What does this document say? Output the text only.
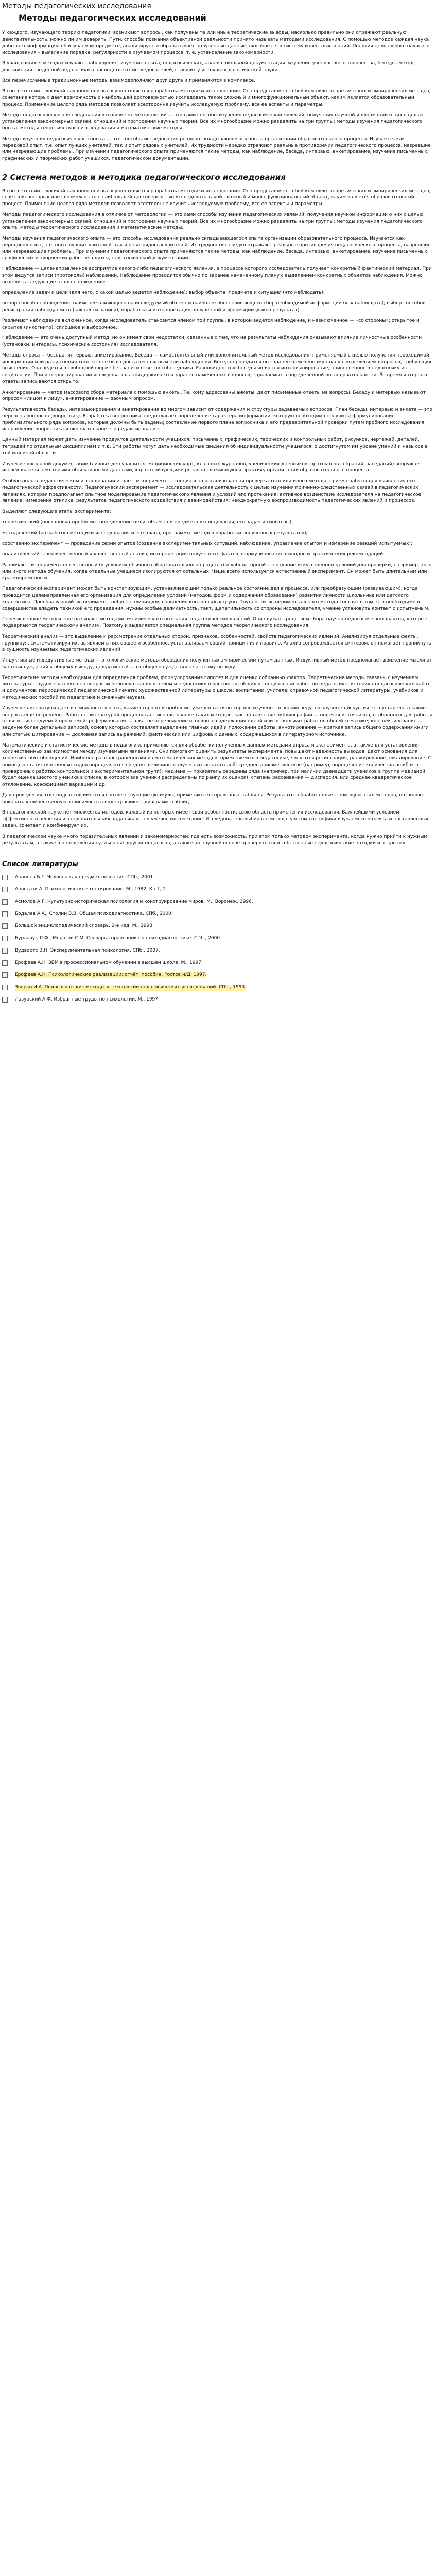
Методы педагогических исследования
Методы педагогических исследований

У каждого, изучающего теорию педагогики, возникают вопросы, как получены те или иные теоретические выводы, насколько правильно они отражают реальную действительность, можно ли им доверять. Пути, способы познания объективной реальности принято называть методами исследования. С помощью методов каждая наука добывает информацию об изучаемом предмете, анализирует и обрабатывает полученные данные, включается в систему известных знаний. Понятия цель любого научного исследования – выявление порядка, регулярности в изучаемом процессе, т. е. установление закономерности.

В учащающихся методах изучают наблюдение, изучение опыта, педагогических, анализ школьной документации, изучение ученического творчества, беседы, метод достижения сведенной педагогики в наследстве от исследователей, ставших у истоков педагогической науки.

Все перечисленные традиционные методы взаимодополняют друг друга и применяются в комплексе.

В соответствии с логикой научного поиска осуществляется разработка методики исследования. Она представляет собой комплекс теоретических и эмпирических методов, сочетание которых дает возможность с наибольшей достоверностью исследовать такой сложный и многофункциональный объект, каким является образовательный процесс. Применение целого ряда методов позволяет всесторонне изучить исследуемую проблему, все ее аспекты и параметры.

Методы педагогического исследования в отличие от методологии — это сами способы изучения педагогических явлений, получения научной информации о них с целью установления закономерных связей, отношений и построения научных теорий. Все их многообразие можно разделить на три группы: методы изучения педагогического опыта, методы теоретического исследования и математические методы.

Методы изучения педагогического опыта — это способы исследования реально складывающегося опыта организации образовательного процесса. Изучается как передовой опыт, т.е. опыт лучших учителей, так и опыт рядовых учителей. Их трудности нередко отражают реальные противоречия педагогического процесса, назревшие или назревающие проблемы. При изучении педагогического опыта применяются такие методы, как наблюдение, беседа, интервью, анкетирование, изучение письменных, графических и творческих работ учащихся, педагогической документации.

2 Система методов и методика педагогического исследования

В соответствии с логикой научного поиска осуществляется разработка методики исследования. Она представляет собой комплекс теоретических и эмпирических методов, сочетание которых дает возможность с наибольшей достоверностью исследовать такой сложный и многофункциональный объект, каким является образовательный процесс. Применение целого ряда методов позволяет всесторонне изучить исследуемую проблему, все ее аспекты и параметры.

Методы педагогического исследования в отличие от методологии — это сами способы изучения педагогических явлений, получения научной информации о них с целью установления закономерных связей, отношений и построения научных теорий. Все их многообразие можно разделить на три группы: методы изучения педагогического опыта, методы теоретического исследования и математические методы.

Методы изучения педагогического опыта — это способы исследования реально складывающегося опыта организации образовательного процесса. Изучается как передовой опыт, т.е. опыт лучших учителей, так и опыт рядовых учителей. Их трудности нередко отражают реальные противоречия педагогического процесса, назревшие или назревающие проблемы. При изучении педагогического опыта применяются такие методы, как наблюдение, беседа, интервью, анкетирование, изучение письменных, графических и творческих работ учащихся, педагогической документации.

Наблюдение — целенаправленное восприятие какого-либо педагогического явления, в процессе которого исследователь получает конкретный фактический материал. При этом ведутся записи (протоколы) наблюдений. Наблюдение проводится обычно по заранее намеченному плану с выделением конкретных объектов наблюдения. Можно выделить следующие этапы наблюдения:

определение задач и цели (для чего, с какой целью ведется наблюдение); выбор объекта, предмета и ситуации (что наблюдать);

выбор способа наблюдения, наименее влияющего на исследуемый объект и наиболее обеспечивающего сбор необходимой информации (как наблюдать); выбор способов регистрации наблюдаемого (как вести записи); обработка и интерпретация полученной информации (каков результат).

Различают наблюдение включенное, когда исследователь становится членом той группы, в которой ведется наблюдение, и невключенное — «со стороны»; открытое и скрытое (инкогнито); сплошное и выборочное.

Наблюдение — это очень доступный метод, но он имеет свои недостатки, связанные с тем, что на результаты наблюдения оказывают влияние личностные особенности (установки, интересы, психические состояния) исследователя.

Методы опроса — беседа, интервью, анкетирование. Беседа — самостоятельный или дополнительный метод исследования, применяемый с целью получения необходимой информации или разъяснения того, что не было достаточно ясным при наблюдении. Беседа проводится по заранее намеченному плану с выделением вопросов, требующих выяснения. Она ведется в свободной форме без записи ответов собеседника. Разновидностью беседы является интервьюирование, привнесенное в педагогику из социологии. При интервьюировании исследователь придерживается заранее намеченных вопросов, задаваемых в определенной последовательности. Во время интервью ответы записываются открыто.

Анкетирование — метод массового сбора материала с помощью анкеты. Те, кому адресованы анкеты, дают письменные ответы на вопросы. Беседу и интервью называют опросом «лицом к лицу», анкетирование — заочным опросом.

Результативность беседы, интервьюирования и анкетирования во многом зависит от содержания и структуры задаваемых вопросов. План беседы, интервью и анкета — это перечень вопросов (вопросник). Разработка вопросника предполагает определение характера информации, которую необходимо получить; формулирование приблизительного ряда вопросов, которые должны быть заданы; составление первого плана вопросника и его предварительной проверки путем пробного исследования; исправление вопросника и окончательное его редактирование.

Ценный материал может дать изучение продуктов деятельности учащихся: письменных, графических, творческих и контрольных работ, рисунков, чертежей, деталей, тетрадей по отдельным дисциплинам и т.д. Эти работы могут дать необходимые сведения об индивидуальности учащегося, о достигнутом им уровне умений и навыков в той или иной области.

Изучение школьной документации (личных дел учащихся, медицинских карт, классных журналов, ученических дневников, протоколов собраний, заседаний) вооружает исследователя некоторыми объективными данными, характеризующими реально сложившуюся практику организации образовательного процесса.

Особую роль в педагогическом исследовании играет эксперимент — специально организованная проверка того или иного метода, приема работы для выявления его педагогической эффективности. Педагогический эксперимент — исследовательская деятельность с целью изучения причинно-следственных связей в педагогических явлениях, которая предполагает опытное моделирование педагогического явления и условий его протекания; активное воздействие исследователя на педагогическое явление; измерение отклика, результатов педагогического воздействия и взаимодействия; неоднократную воспроизводимость педагогических явлений и процессов.

Выделяют следующие этапы эксперимента:

теоретический (постановка проблемы, определение цели, объекта и предмета исследования, его задач и гипотезы);

методический (разработка методики исследования и его плана, программы, методов обработки полученных результатов);

собственно эксперимент — проведение серии опытов (создание экспериментальных ситуаций, наблюдение, управление опытом и измерение реакций испытуемых);

аналитический — количественный и качественный анализ, интерпретация полученных фактов, формулирование выводов и практических рекомендаций.

Различают эксперимент естественный (в условиях обычного образовательного процесса) и лабораторный — создание искусственных условий для проверки, например, того или иного метода обучения, когда отдельные учащиеся изолируются от остальных. Чаще всего используется естественный эксперимент. Он может быть длительным или кратковременным.

Педагогический эксперимент может быть констатирующим, устанавливающим только реальное состояние дел в процессе, или преобразующим (развивающим), когда проводится целенаправленная его организация для определения условий (методов, форм и содержания образования) развития личности школьника или детского коллектива. Преобразующий эксперимент требует наличия для сравнения контрольных групп. Трудности экспериментального метода состоят в том, что необходимо в совершенстве владеть техникой его проведения, нужны особые деликатность, такт, щепетильность со стороны исследователя, умение установить контакт с испытуемым.

Перечисленные методы еще называют методами эмпирического познания педагогических явлений. Они служат средством сбора научно-педагогических фактов, которые подвергаются теоретическому анализу. Поэтому и выделяется специальная группа методов теоретического исследования.

Теоретический анализ — это выделение и рассмотрение отдельных сторон, признаков, особенностей, свойств педагогических явлений. Анализируя отдельные факты, группируя, систематизируя их, выявляем в них общее и особенное, устанавливаем общий принцип или правило. Анализ сопровождается синтезом, он помогает проникнуть в сущность изучаемых педагогических явлений.

Индуктивные и дедуктивные методы — это логические методы обобщения полученных эмпирическим путем данных. Индуктивный метод предполагает движение мысли от частных суждений к общему выводу, дедуктивный — от общего суждения к частному выводу.

Теоретические методы необходимы для определения проблем, формулирования гипотез и для оценки собранных фактов. Теоретические методы связаны с изучением литературы: трудов классиков по вопросам человекознания в целом и педагогики в частности; общих и специальных работ по педагогике; историко-педагогических работ и документов; периодической педагогической печати; художественной литературы о школе, воспитании, учителе; справочной педагогической литературы, учебников и методических пособий по педагогике и смежным наукам.

Изучение литературы дает возможность узнать, какие стороны и проблемы уже достаточно хорошо изучены, по каким ведутся научные дискуссии, что устарело, а какие вопросы еще не решены. Работа с литературой предполагает использование таких методов, как составление библиографии — перечня источников, отобранных для работы в связи с исследуемой проблемой; реферирование — сжатое переложение основного содержания одной или нескольких работ по общей тематике; конспектирование — ведение более детальных записей, основу которых составляет выделение главных идей и положений работы; аннотирование — краткая запись общего содержания книги или статьи; цитирование — дословная запись выражений, фактических или цифровых данных, содержащихся в литературном источнике.

Математические и статистические методы в педагогике применяются для обработки полученных данных методами опроса и эксперимента, а также для установления количественных зависимостей между изучаемыми явлениями. Они помогают оценить результаты эксперимента, повышают надежность выводов, дают основания для теоретических обобщений. Наиболее распространенными из математических методов, применяемых в педагогике, являются регистрация, ранжирование, шкалирование. С помощью статистических методов определяются средние величины полученных показателей: среднее арифметическое (например, определение количества ошибок в проверочных работах контрольной и экспериментальной групп); медиана — показатель середины ряда (например, при наличии двенадцати учеников в группе медианой будет оценка шестого ученика в списке, в котором все ученики распределены по рангу их оценок); степень рассеивания — дисперсия, или среднее квадратическое отклонение, коэффициент вариации и др.

Для проведения этих подсчетов имеются соответствующие формулы, применяются справочные таблицы. Результаты, обработанные с помощью этих методов, позволяют показать количественную зависимость в виде графиков, диаграмм, таблиц.

В педагогической науке нет множества методов, каждый из которых имеет свои особенности, свою область применения исследования. Важнейшими условием эффективного решения исследовательских задач является умелое их сочетание. Исследователь выбирает метод с учетом специфики изучаемого объекта и поставленных задач, сочетает и комбинирует их.

В педагогической науке много поразительных явлений и закономерностей, где есть возможность, при этом только методом эксперимента, когда нужно прийти к нужным результатам, а также в определении сути и опыт других педагогов, а также на научной основе проверить свои собственные педагогические находки и открытия.

Список литературы
Ананьев Б.Г. Человек как предмет познания. СПб., 2001.
Анастази А. Психологическое тестирование. М., 1982, Кн.1, 2.
Асмолов А.Г. Культурно-историческая психология и конструирование миров. М.; Воронеж, 1996.
Бодалев А.А., Столин В.В. Общая психодиагностика. СПб., 2000.
Большой энциклопедический словарь. 2-е изд. М., 1998.
Бурлачук Л.Ф., Морозов С.М. Словарь-справочник по психодиагностике. СПб., 2000.
Вудвортс В.Н. Экспериментальная психология. СПб., 2007.
Ерофеев А.К. ЗВМ в профессиональном обучении в высшей школе. М., 1997.
Ерофеев А.К. Психологические реализации: отчёт, пособие. Ростов н/Д, 1997.
Зверко И.А. Педагогические методы и технологии педагогических исследований. СПб., 1993.
Лазурский А.Ф. Избранные труды по психологии. М., 1997.
